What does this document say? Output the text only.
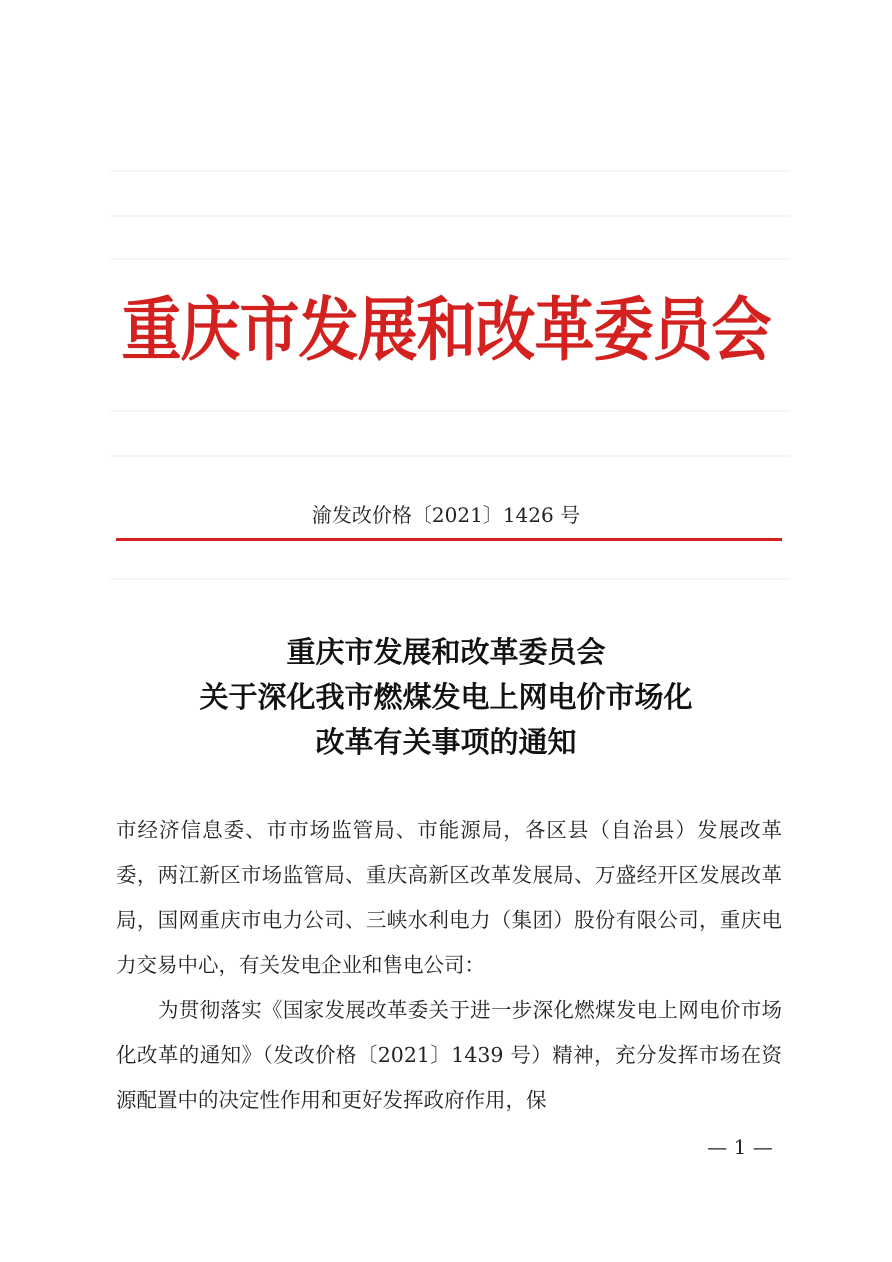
重庆市发展和改革委员会
渝发改价格〔2021〕1426 号
重庆市发展和改革委员会
关于深化我市燃煤发电上网电价市场化
改革有关事项的通知

市经济信息委、市市场监管局、市能源局，各区县（自治县）发展改革委，两江新区市场监管局、重庆高新区改革发展局、万盛经开区发展改革局，国网重庆市电力公司、三峡水利电力（集团）股份有限公司，重庆电力交易中心，有关发电企业和售电公司：

为贯彻落实《国家发展改革委关于进一步深化燃煤发电上网电价市场化改革的通知》（发改价格〔2021〕1439 号）精神，充分发挥市场在资源配置中的决定性作用和更好发挥政府作用，保

— 1 —
